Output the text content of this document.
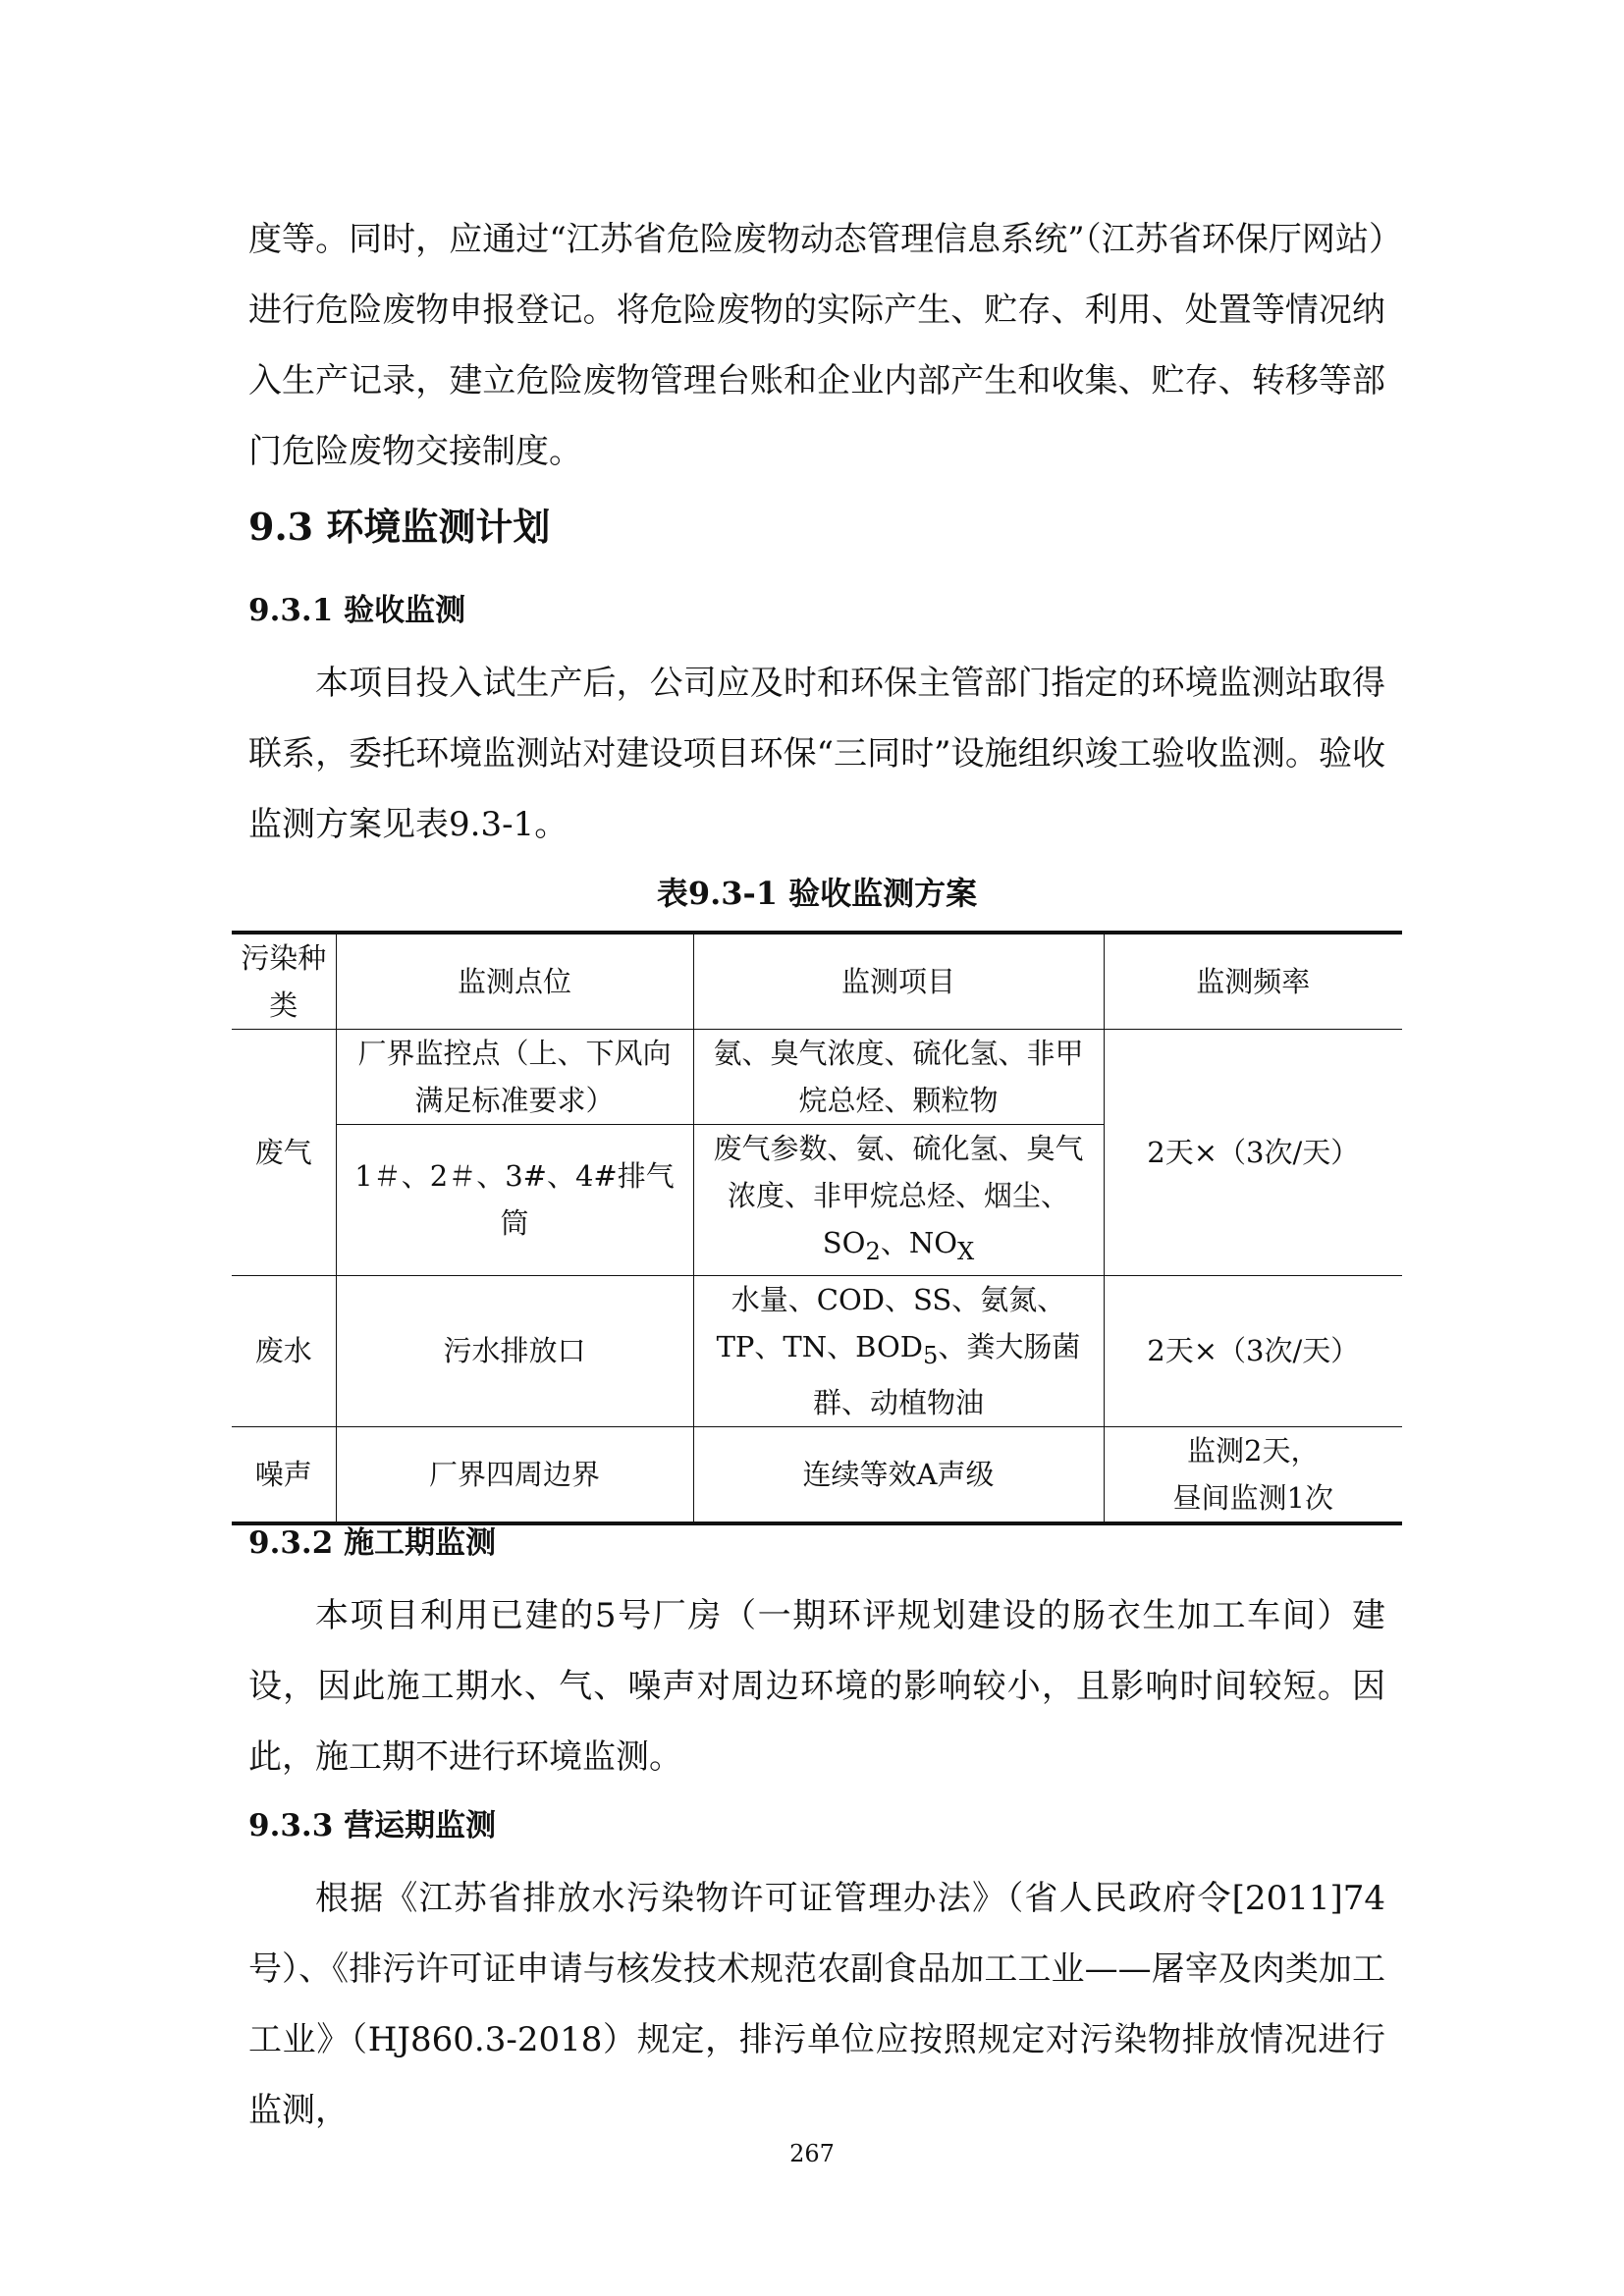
度等。同时，应通过“江苏省危险废物动态管理信息系统”（江苏省环保厅网站）进行危险废物申报登记。将危险废物的实际产生、贮存、利用、处置等情况纳入生产记录，建立危险废物管理台账和企业内部产生和收集、贮存、转移等部门危险废物交接制度。

9.3 环境监测计划
9.3.1 验收监测

本项目投入试生产后，公司应及时和环保主管部门指定的环境监测站取得联系，委托环境监测站对建设项目环保“三同时”设施组织竣工验收监测。验收监测方案见表9.3-1。

表9.3-1 验收监测方案

污染种类	监测点位	监测项目	监测频率
废气	厂界监控点（上、下风向满足标准要求）	氨、臭气浓度、硫化氢、非甲烷总烃、颗粒物	2天×（3次/天）
	1＃、2＃、3#、4#排气筒	废气参数、氨、硫化氢、臭气浓度、非甲烷总烃、烟尘、$SO_2$、$NO_X$
废水	污水排放口	水量、COD、SS、氨氮、TP、TN、$BOD_5$、粪大肠菌群、动植物油	2天×（3次/天）
噪声	厂界四周边界	连续等效A声级	监测2天，
昼间监测1次
9.3.2 施工期监测

本项目利用已建的5号厂房（一期环评规划建设的肠衣生加工车间）建设，因此施工期水、气、噪声对周边环境的影响较小，且影响时间较短。因此，施工期不进行环境监测。

9.3.3 营运期监测

根据《江苏省排放水污染物许可证管理办法》（省人民政府令[2011]74号）、《排污许可证申请与核发技术规范农副食品加工工业——屠宰及肉类加工工业》（HJ860.3-2018）规定，排污单位应按照规定对污染物排放情况进行监测，

267
